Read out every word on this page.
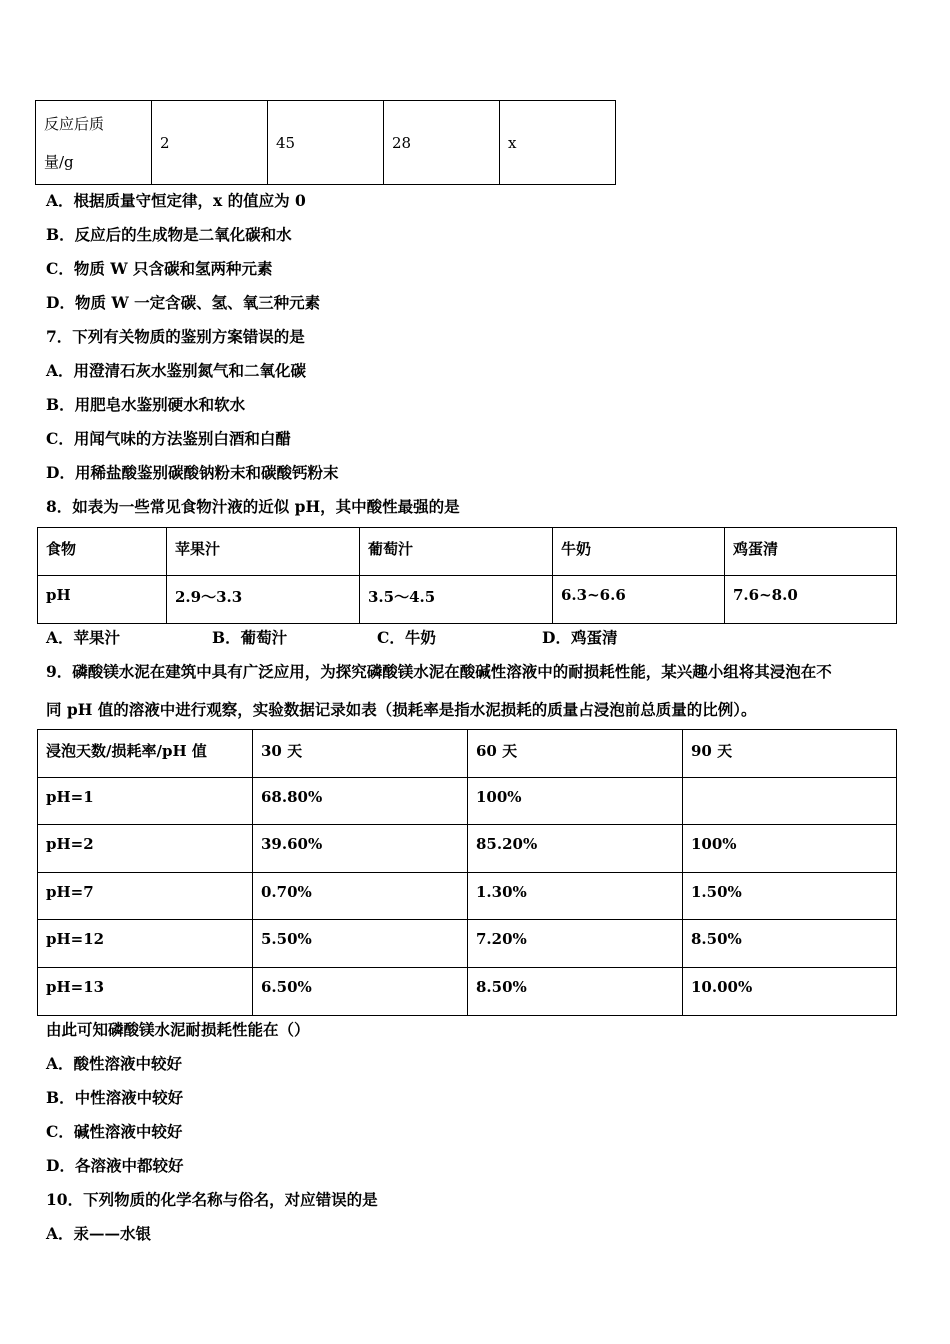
反应后质
量/g
	2	45	28	x
A．根据质量守恒定律，x 的值应为 0
B．反应后的生成物是二氧化碳和水
C．物质 W 只含碳和氢两种元素
D．物质 W 一定含碳、氢、氧三种元素
7．下列有关物质的鉴别方案错误的是
A．用澄清石灰水鉴别氮气和二氧化碳
B．用肥皂水鉴别硬水和软水
C．用闻气味的方法鉴别白酒和白醋
D．用稀盐酸鉴别碳酸钠粉末和碳酸钙粉末
8．如表为一些常见食物汁液的近似 pH，其中酸性最强的是
食物	苹果汁	葡萄汁	牛奶	鸡蛋清
pH	2.9～3.3	3.5～4.5	6.3~6.6	7.6~8.0
A．苹果汁	B．葡萄汁	C．牛奶	D．鸡蛋清
9．磷酸镁水泥在建筑中具有广泛应用，为探究磷酸镁水泥在酸碱性溶液中的耐损耗性能，某兴趣小组将其浸泡在不
同 pH 值的溶液中进行观察，实验数据记录如表（损耗率是指水泥损耗的质量占浸泡前总质量的比例）。
浸泡天数/损耗率/pH 值	30 天	60 天	90 天
pH=1	68.80%	100%	
pH=2	39.60%	85.20%	100%
pH=7	0.70%	1.30%	1.50%
pH=12	5.50%	7.20%	8.50%
pH=13	6.50%	8.50%	10.00%
由此可知磷酸镁水泥耐损耗性能在（）
A．酸性溶液中较好
B．中性溶液中较好
C．碱性溶液中较好
D．各溶液中都较好
10．下列物质的化学名称与俗名，对应错误的是
A．汞——水银
